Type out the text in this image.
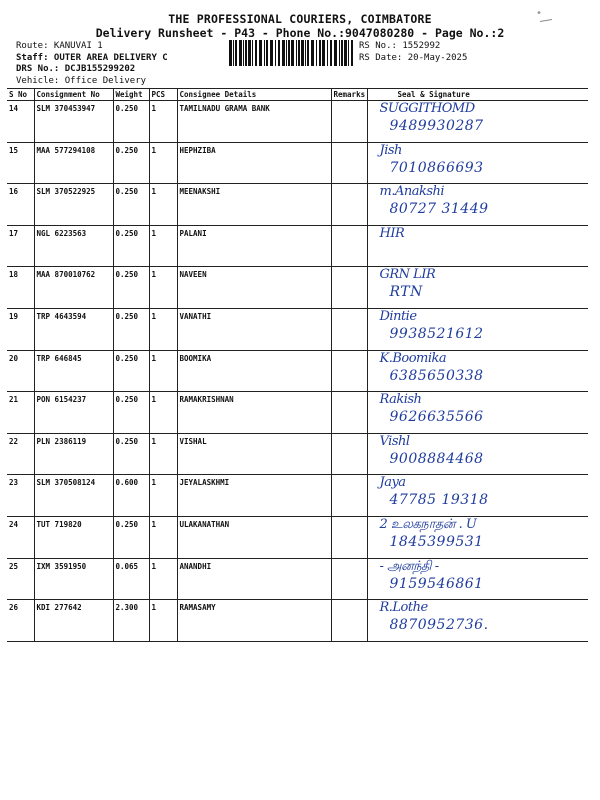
THE PROFESSIONAL COURIERS, COIMBATORE
Delivery Runsheet - P43 - Phone No.:9047080280 - Page No.:2
•
Route: KANUVAI 1
Staff: OUTER AREA DELIVERY C
DRS No.: DCJB155299202
Vehicle: Office Delivery
RS No.: 1552992
RS Date: 20-May-2025
S No	Consignment No	Weight	PCS	Consignee Details	Remarks	Seal & Signature
14	SLM 370453947	0.250	1	TAMILNADU GRAMA BANK		SUGGITHOMD
9489930287

15	MAA 577294108	0.250	1	HEPHZIBA		Jish
7010866693

16	SLM 370522925	0.250	1	MEENAKSHI		m.Anakshi
80727 31449

17	NGL 6223563	0.250	1	PALANI		HIR

18	MAA 870010762	0.250	1	NAVEEN		GRN LIR
RTN

19	TRP 4643594	0.250	1	VANATHI		Dintie
9938521612

20	TRP 646845	0.250	1	BOOMIKA		K.Boomika
6385650338

21	PON 6154237	0.250	1	RAMAKRISHNAN		Rakish
9626635566

22	PLN 2386119	0.250	1	VISHAL		Vishl
9008884468

23	SLM 370508124	0.600	1	JEYALASKHMI		Jaya
47785 19318

24	TUT 719820	0.250	1	ULAKANATHAN		2 உலகநாதன் . U
1845399531

25	IXM 3591950	0.065	1	ANANDHI		- அனந்தி -
9159546861

26	KDI 277642	2.300	1	RAMASAMY		R.Lothe
8870952736.
